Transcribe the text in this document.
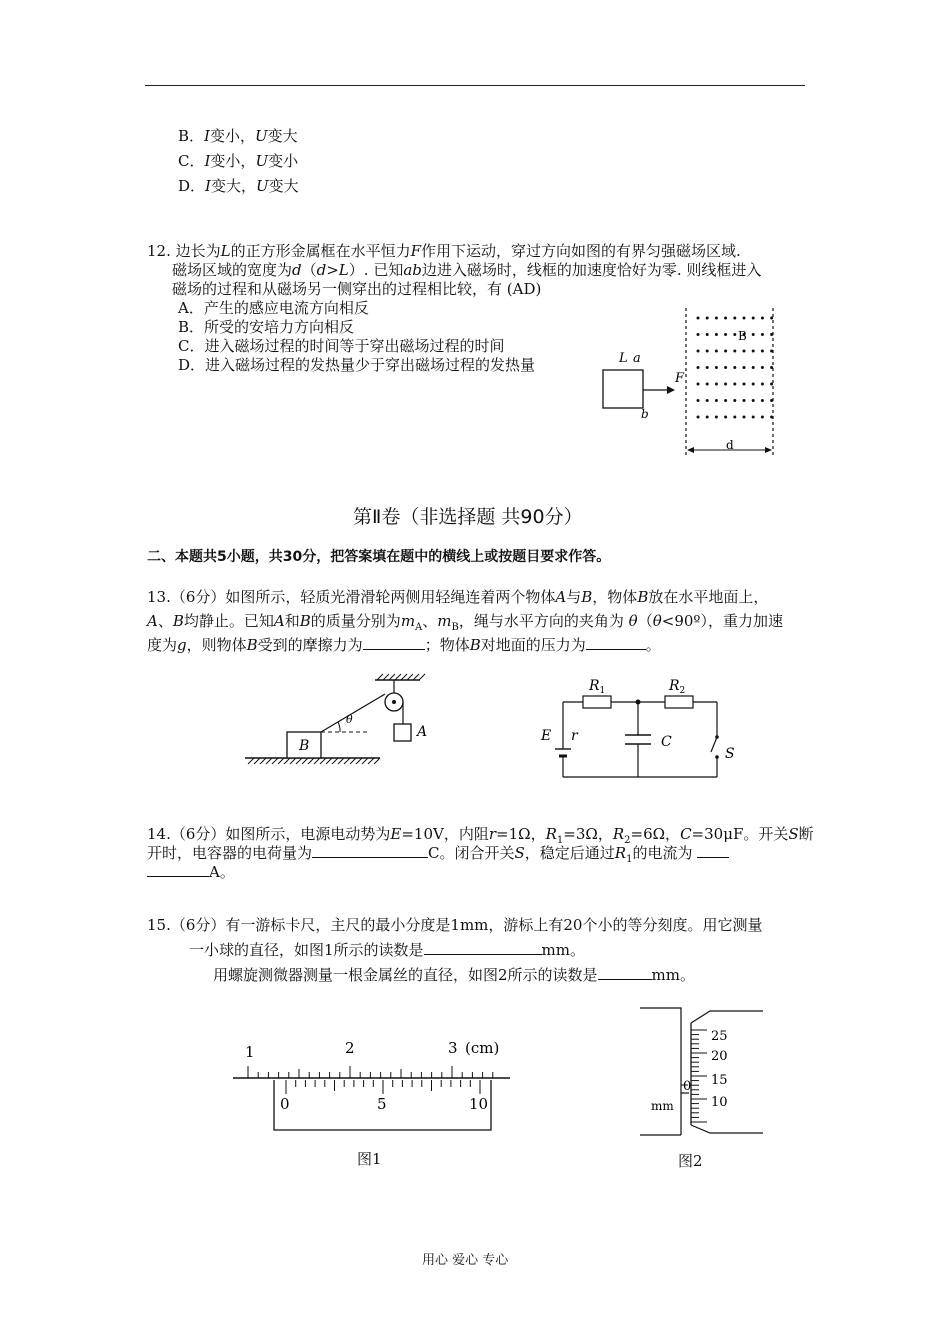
B．I变小，U变大
C．I变小，U变小
D．I变大，U变大
12. 边长为L的正方形金属框在水平恒力F作用下运动，穿过方向如图的有界匀强磁场区域.
磁场区域的宽度为d（d>L）. 已知ab边进入磁场时，线框的加速度恰好为零. 则线框进入
磁场的过程和从磁场另一侧穿出的过程相比较，有 (AD)
A．产生的感应电流方向相反
B．所受的安培力方向相反
C．进入磁场过程的时间等于穿出磁场过程的时间
D．进入磁场过程的发热量少于穿出磁场过程的发热量	L a
b
F
B
d
第Ⅱ卷（非选择题 共90分）
二、本题共5小题，共30分，把答案填在题中的横线上或按题目要求作答。
13.（6分）如图所示，轻质光滑滑轮两侧用轻绳连着两个物体A与B，物体B放在水平地面上，
A、B均静止。已知A和B的质量分别为$m_A$、$m_B$，绳与水平方向的夹角为 θ（θ<90º），重力加速
度为g，则物体B受到的摩擦力为	；物体B对地面的压力为	。
B
θ
A
$R_1$	$R_2$
E r	C
S
14.（6分）如图所示，电源电动势为E=10V，内阻r=1Ω，$R_1=3\Omega$，$R_2=6\Omega$，C=30μF。开关S断
开时，电容器的电荷量为	C。闭合开关S，稳定后通过$R_1$的电流为
A。
15.（6分）有一游标卡尺，主尺的最小分度是1mm，游标上有20个小的等分刻度。用它测量
一小球的直径，如图1所示的读数是	mm。
用螺旋测微器测量一根金属丝的直径，如图2所示的读数是	mm。
1	2	3 (cm)
0	5	10
图1
0
mm
25
20
15
10
图2
用心 爱心 专心
